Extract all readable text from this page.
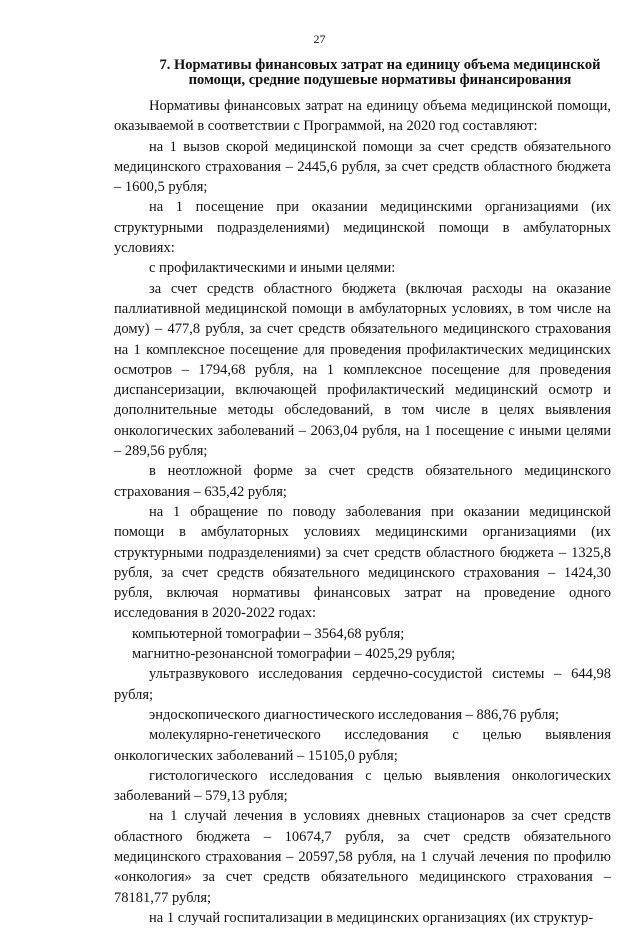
27
7. Нормативы финансовых затрат на единицу объема медицинской помощи, средние подушевые нормативы финансирования

Нормативы финансовых затрат на единицу объема медицинской помощи, оказываемой в соответствии с Программой, на 2020 год составляют:

на 1 вызов скорой медицинской помощи за счет средств обязательного медицинского страхования – 2445,6 рубля, за счет средств областного бюджета – 1600,5 рубля;

на 1 посещение при оказании медицинскими организациями (их структурными подразделениями) медицинской помощи в амбулаторных условиях:

с профилактическими и иными целями:

за счет средств областного бюджета (включая расходы на оказание паллиативной медицинской помощи в амбулаторных условиях, в том числе на дому) – 477,8 рубля, за счет средств обязательного медицинского страхования на 1 комплексное посещение для проведения профилактических медицинских осмотров – 1794,68 рубля, на 1 комплексное посещение для проведения диспансеризации, включающей профилактический медицинский осмотр и дополнительные методы обследований, в том числе в целях выявления онкологических заболеваний – 2063,04 рубля, на 1 посещение с иными целями – 289,56 рубля;

в неотложной форме за счет средств обязательного медицинского страхования – 635,42 рубля;

на 1 обращение по поводу заболевания при оказании медицинской помощи в амбулаторных условиях медицинскими организациями (их структурными подразделениями) за счет средств областного бюджета – 1325,8 рубля, за счет средств обязательного медицинского страхования – 1424,30 рубля, включая нормативы финансовых затрат на проведение одного исследования в 2020-2022 годах:

компьютерной томографии – 3564,68 рубля;

магнитно-резонансной томографии – 4025,29 рубля;

ультразвукового исследования сердечно-сосудистой системы – 644,98 рубля;

эндоскопического диагностического исследования – 886,76 рубля;

молекулярно-генетического исследования с целью выявления онкологических заболеваний – 15105,0 рубля;

гистологического исследования с целью выявления онкологических заболеваний – 579,13 рубля;

на 1 случай лечения в условиях дневных стационаров за счет средств областного бюджета – 10674,7 рубля, за счет средств обязательного медицинского страхования – 20597,58 рубля, на 1 случай лечения по профилю «онкология» за счет средств обязательного медицинского страхования – 78181,77 рубля;

на 1 случай госпитализации в медицинских организациях (их структур-
